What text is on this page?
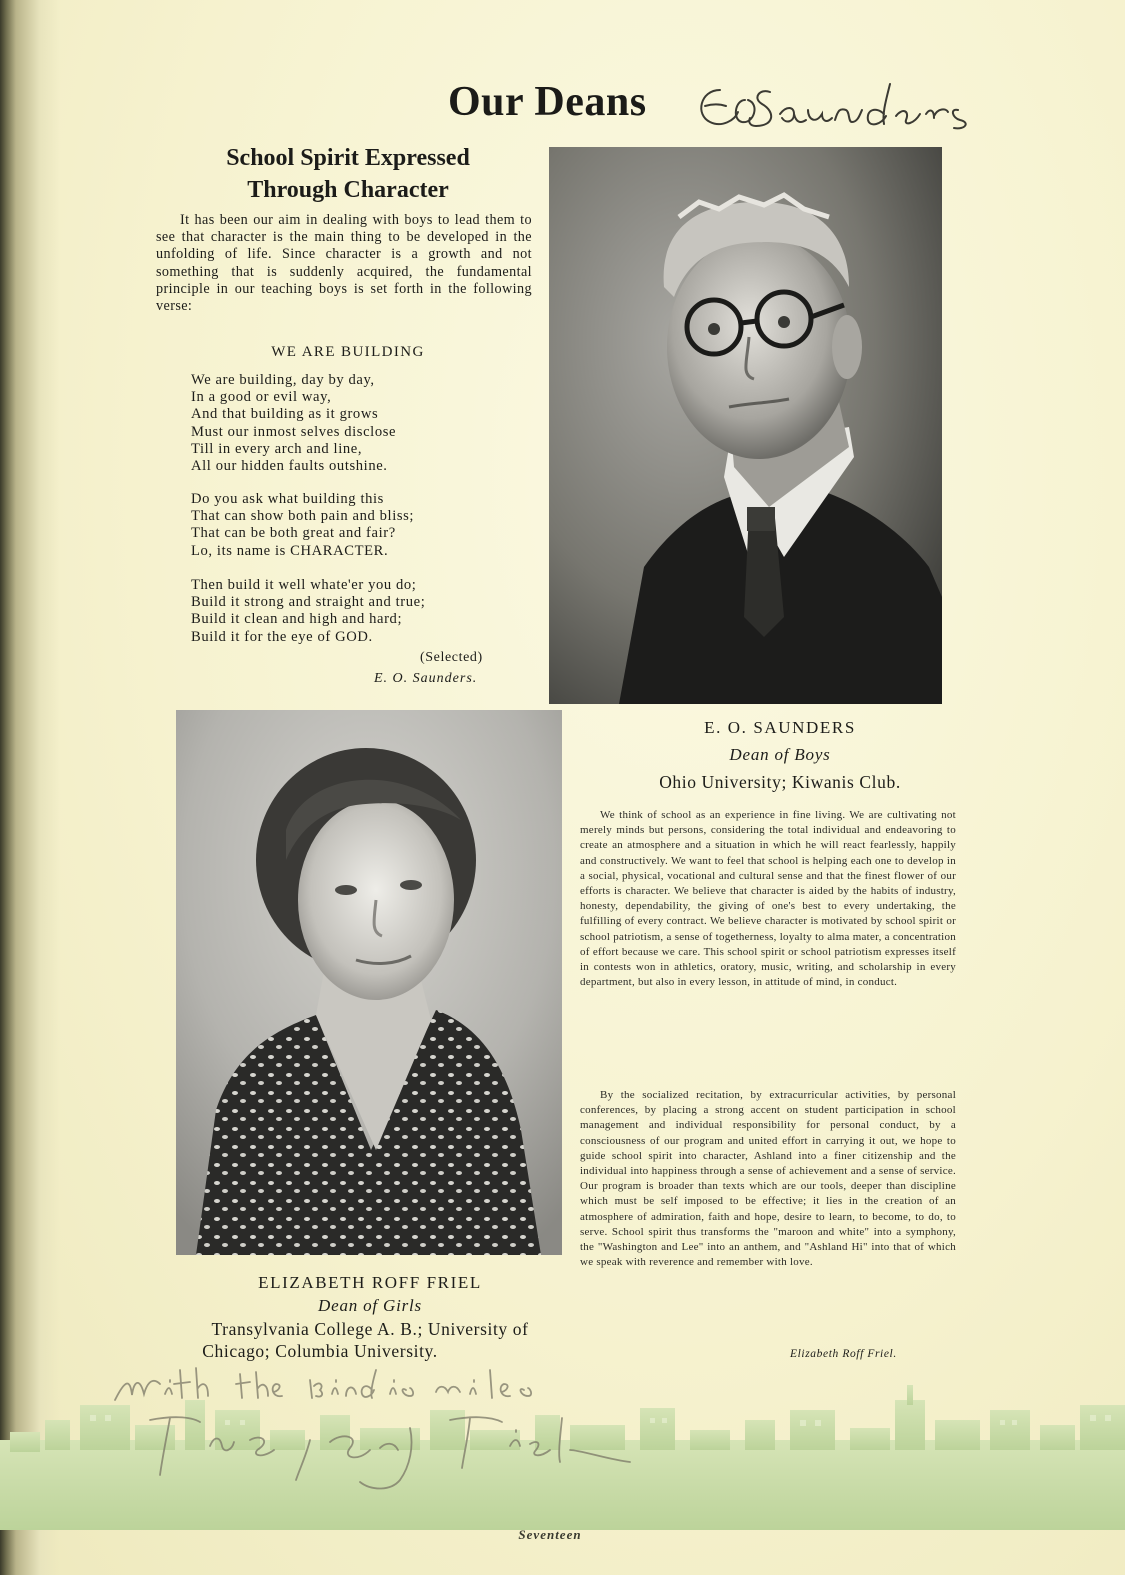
Our Deans
School Spirit Expressed
Through Character
It has been our aim in dealing with boys to lead them to see that character is the main thing to be developed in the unfolding of life. Since character is a growth and not something that is suddenly acquired, the fundamental principle in our teaching boys is set forth in the following verse:
WE ARE BUILDING
We are building, day by day,
In a good or evil way,
And that building as it grows
Must our inmost selves disclose
Till in every arch and line,
All our hidden faults outshine.
Do you ask what building this
That can show both pain and bliss;
That can be both great and fair?
Lo, its name is CHARACTER.
Then build it well whate'er you do;
Build it strong and straight and true;
Build it clean and high and hard;
Build it for the eye of GOD.
(Selected)
E. O. Saunders.
E. O. SAUNDERS
Dean of Boys
Ohio University; Kiwanis Club.
ELIZABETH ROFF FRIEL
Dean of Girls
Transylvania College A. B.; University of
Chicago; Columbia University.
We think of school as an experience in fine living. We are cultivating not merely minds but persons, considering the total individual and endeavoring to create an atmosphere and a situation in which he will react fearlessly, happily and constructively. We want to feel that school is helping each one to develop in a social, physical, vocational and cultural sense and that the finest flower of our efforts is character. We believe that character is aided by the habits of industry, honesty, dependability, the giving of one's best to every undertaking, the fulfilling of every contract. We believe character is motivated by school spirit or school patriotism, a sense of togetherness, loyalty to alma mater, a concentration of effort because we care. This school spirit or school patriotism expresses itself in contests won in athletics, oratory, music, writing, and scholarship in every department, but also in every lesson, in attitude of mind, in conduct.
By the socialized recitation, by extracurricular activities, by personal conferences, by placing a strong accent on student participation in school management and individual responsibility for personal conduct, by a consciousness of our program and united effort in carrying it out, we hope to guide school spirit into character, Ashland into a finer citizenship and the individual into happiness through a sense of achievement and a sense of service. Our program is broader than texts which are our tools, deeper than discipline which must be self imposed to be effective; it lies in the creation of an atmosphere of admiration, faith and hope, desire to learn, to become, to do, to serve. School spirit thus transforms the "maroon and white" into a symphony, the "Washington and Lee" into an anthem, and "Ashland Hi" into that of which we speak with reverence and remember with love.
Elizabeth Roff Friel.
Seventeen
